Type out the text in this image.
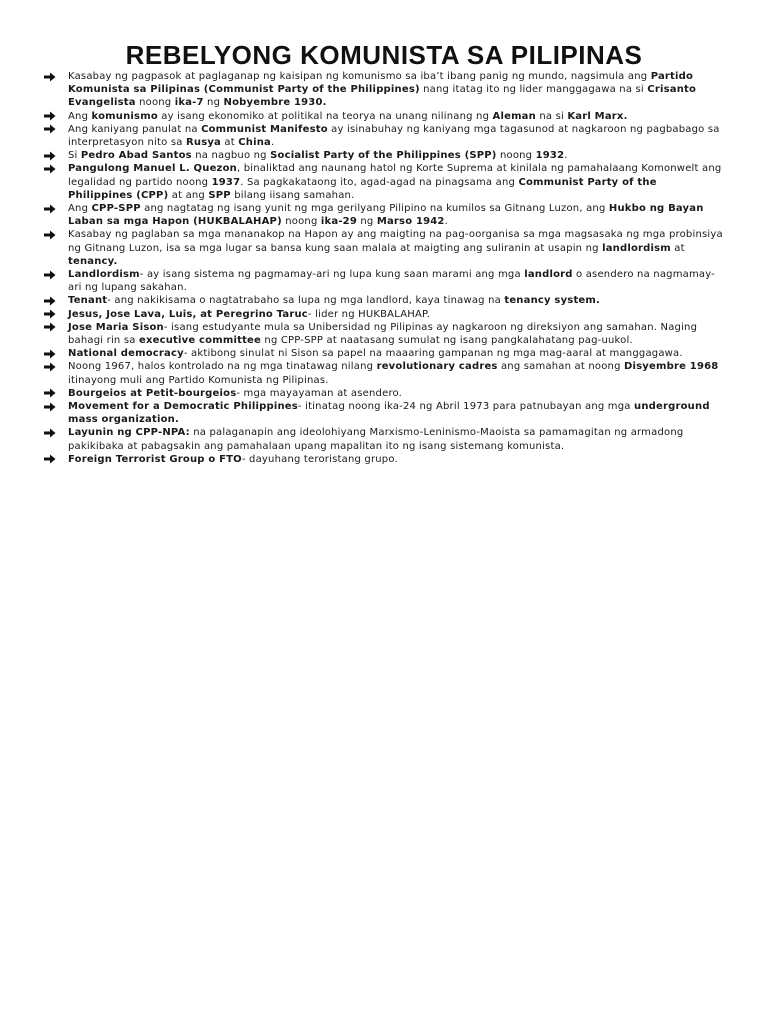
REBELYONG KOMUNISTA SA PILIPINAS
Kasabay ng pagpasok at paglaganap ng kaisipan ng komunismo sa iba’t ibang panig ng mundo, nagsimula ang Partido Komunista sa Pilipinas (Communist Party of the Philippines) nang itatag ito ng lider manggagawa na si Crisanto Evangelista noong ika-7 ng Nobyembre 1930.
Ang komunismo ay isang ekonomiko at politikal na teorya na unang nilinang ng Aleman na si Karl Marx.
Ang kaniyang panulat na Communist Manifesto ay isinabuhay ng kaniyang mga tagasunod at nagkaroon ng pagbabago sa interpretasyon nito sa Rusya at China.
Si Pedro Abad Santos na nagbuo ng Socialist Party of the Philippines (SPP) noong 1932.
Pangulong Manuel L. Quezon, binaliktad ang naunang hatol ng Korte Suprema at kinilala ng pamahalaang Komonwelt ang legalidad ng partido noong 1937. Sa pagkakataong ito, agad-agad na pinagsama ang Communist Party of the Philippines (CPP) at ang SPP bilang iisang samahan.
Ang CPP-SPP ang nagtatag ng isang yunit ng mga gerilyang Pilipino na kumilos sa Gitnang Luzon, ang Hukbo ng Bayan Laban sa mga Hapon (HUKBALAHAP) noong ika-29 ng Marso 1942.
Kasabay ng paglaban sa mga mananakop na Hapon ay ang maigting na pag-oorganisa sa mga magsasaka ng mga probinsiya ng Gitnang Luzon, isa sa mga lugar sa bansa kung saan malala at maigting ang suliranin at usapin ng landlordism at tenancy.
Landlordism- ay isang sistema ng pagmamay-ari ng lupa kung saan marami ang mga landlord o asendero na nagmamay-ari ng lupang sakahan.
Tenant- ang nakikisama o nagtatrabaho sa lupa ng mga landlord, kaya tinawag na tenancy system.
Jesus, Jose Lava, Luis, at Peregrino Taruc- lider ng HUKBALAHAP.
Jose Maria Sison- isang estudyante mula sa Unibersidad ng Pilipinas ay nagkaroon ng direksiyon ang samahan. Naging bahagi rin sa executive committee ng CPP-SPP at naatasang sumulat ng isang pangkalahatang pag-uukol.
National democracy- aktibong sinulat ni Sison sa papel na maaaring gampanan ng mga mag-aaral at manggagawa.
Noong 1967, halos kontrolado na ng mga tinatawag nilang revolutionary cadres ang samahan at noong Disyembre 1968 itinayong muli ang Partido Komunista ng Pilipinas.
Bourgeios at Petit-bourgeios- mga mayayaman at asendero.
Movement for a Democratic Philippines- itinatag noong ika-24 ng Abril 1973 para patnubayan ang mga underground mass organization.
Layunin ng CPP-NPA: na palaganapin ang ideolohiyang Marxismo-Leninismo-Maoista sa pamamagitan ng armadong pakikibaka at pabagsakin ang pamahalaan upang mapalitan ito ng isang sistemang komunista.
Foreign Terrorist Group o FTO- dayuhang teroristang grupo.
